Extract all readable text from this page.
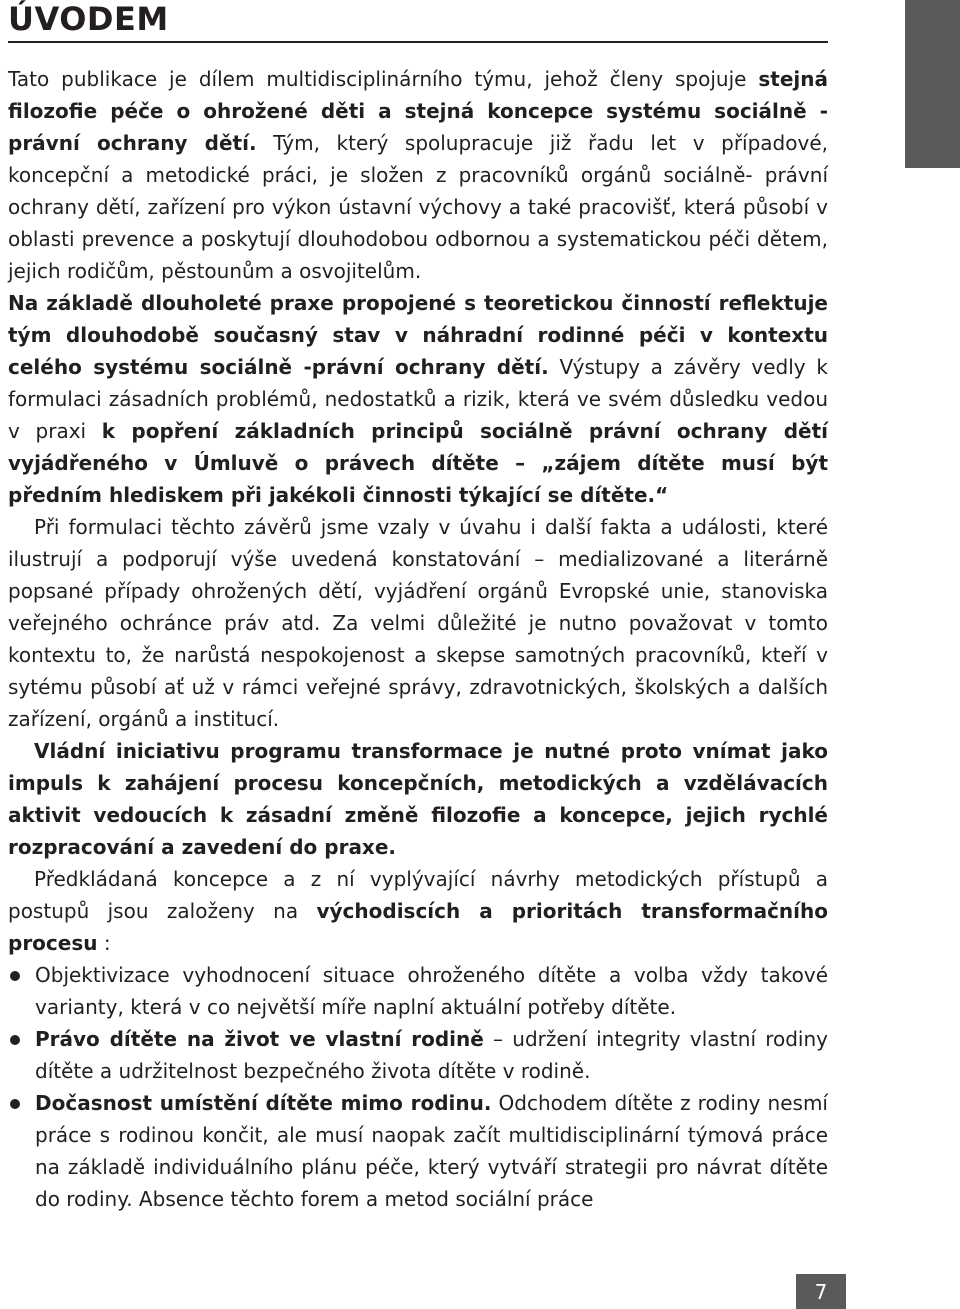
ÚVODEM

Tato publikace je dílem multidisciplinárního týmu, jehož členy spojuje stejná filozofie péče o ohrožené děti a stejná koncepce systému sociálně -právní ochrany dětí. Tým, který spolupracuje již řadu let v případové, koncepční a metodické práci, je složen z pracovníků orgánů sociálně- právní ochrany dětí, zařízení pro výkon ústavní výchovy a také pracovišť, která působí v oblasti prevence a poskytují dlouhodobou odbornou a systematickou péči dětem, jejich rodičům, pěstounům a osvojitelům.

Na základě dlouholeté praxe propojené s teoretickou činností reflektuje tým dlouhodobě současný stav v náhradní rodinné péči v kontextu celého systému sociálně -právní ochrany dětí. Výstupy a závěry vedly k formulaci zásadních problémů, nedostatků a rizik, která ve svém důsledku vedou v praxi k popření základních principů sociálně právní ochrany dětí vyjádřeného v Úmluvě o právech dítěte – „zájem dítěte musí být předním hlediskem při jakékoli činnosti týkající se dítěte.“

Při formulaci těchto závěrů jsme vzaly v úvahu i další fakta a události, které ilustrují a podporují výše uvedená konstatování – medializované a literárně popsané případy ohrožených dětí, vyjádření orgánů Evropské unie, stanoviska veřejného ochránce práv atd. Za velmi důležité je nutno považovat v tomto kontextu to, že narůstá nespokojenost a skepse samotných pracovníků, kteří v sytému působí ať už v rámci veřejné správy, zdravotnických, školských a dalších zařízení, orgánů a institucí.

Vládní iniciativu programu transformace je nutné proto vnímat jako impuls k zahájení procesu koncepčních, metodických a vzdělávacích aktivit vedoucích k zásadní změně filozofie a koncepce, jejich rychlé rozpracování a zavedení do praxe.

Předkládaná koncepce a z ní vyplývající návrhy metodických přístupů a postupů jsou založeny na východiscích a prioritách transformačního procesu :

Objektivizace vyhodnocení situace ohroženého dítěte a volba vždy takové varianty, která v co největší míře naplní aktuální potřeby dítěte.
Právo dítěte na život ve vlastní rodině – udržení integrity vlastní rodiny dítěte a udržitelnost bezpečného života dítěte v rodině.
Dočasnost umístění dítěte mimo rodinu. Odchodem dítěte z rodiny nesmí práce s rodinou končit, ale musí naopak začít multidisciplinární týmová práce na základě individuálního plánu péče, který vytváří strategii pro návrat dítěte do rodiny. Absence těchto forem a metod sociální práce
7
